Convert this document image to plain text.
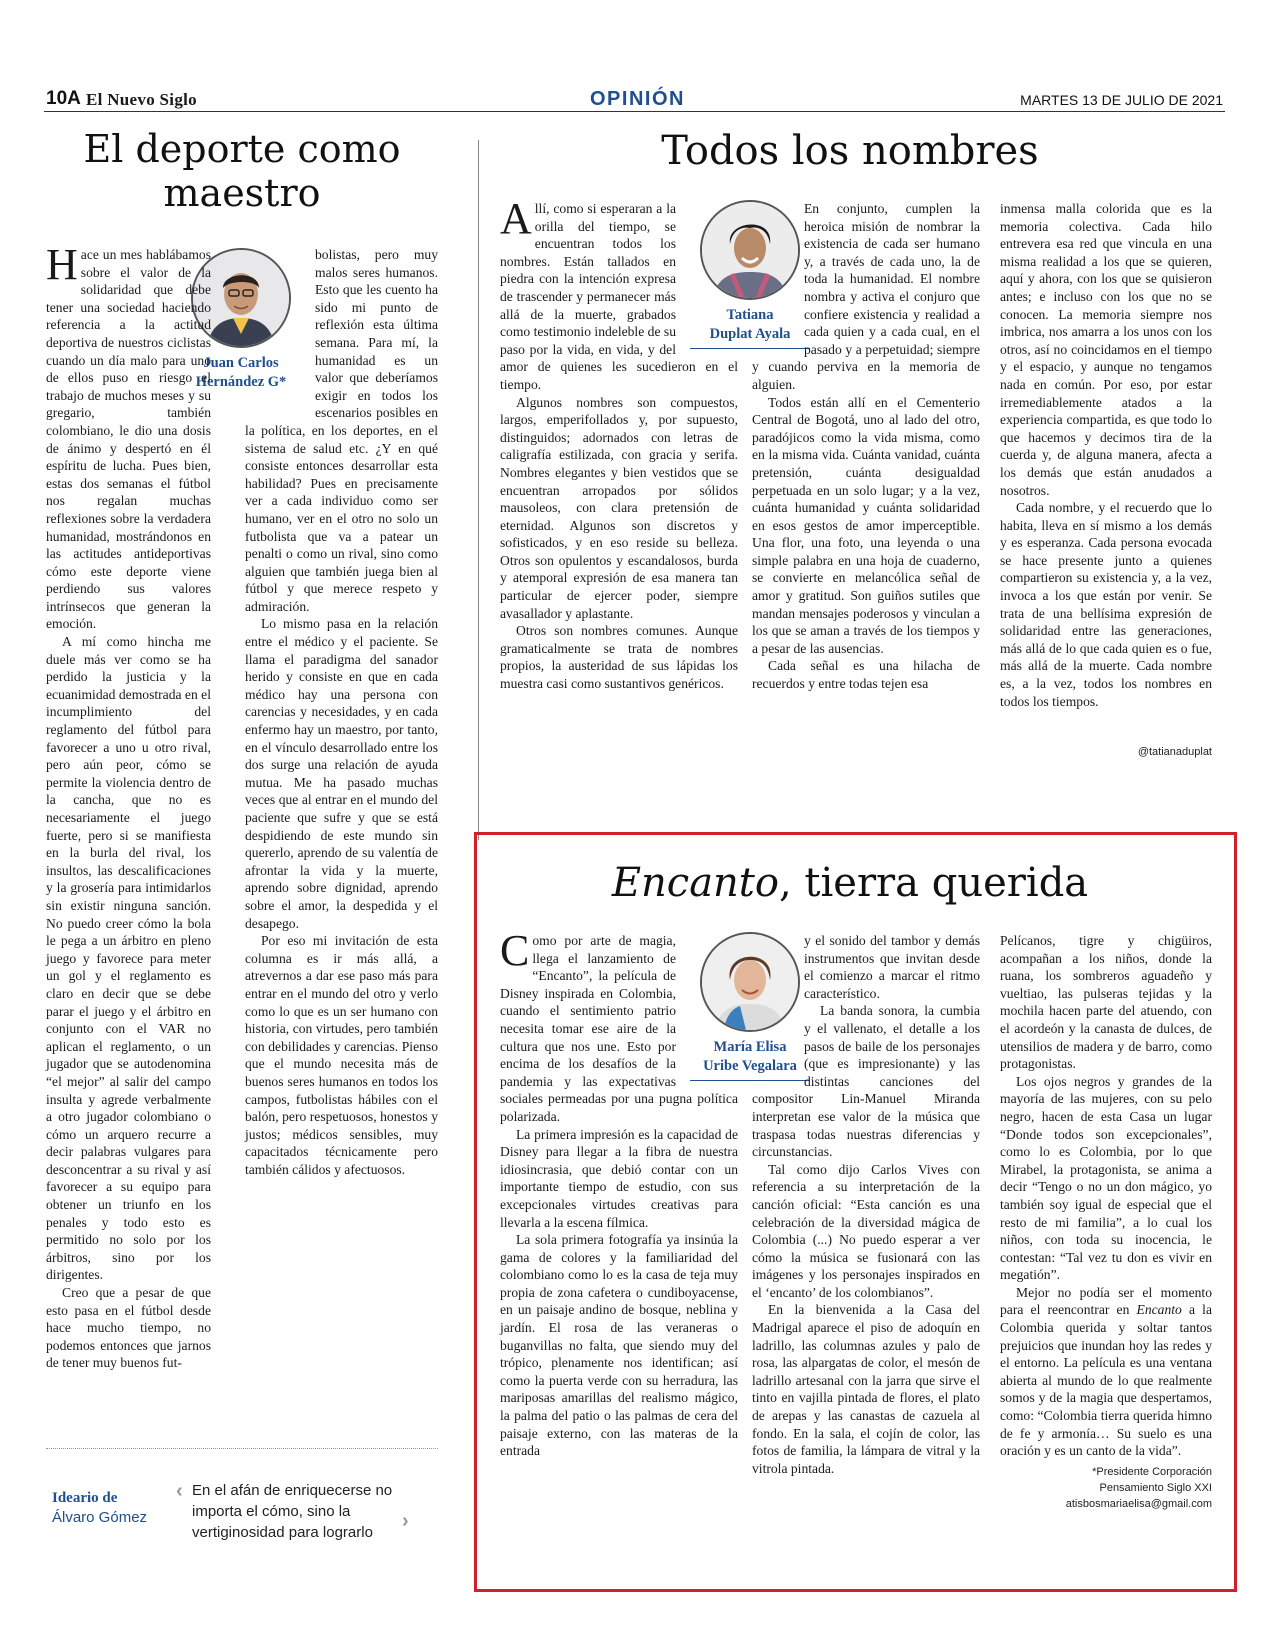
10A El Nuevo Siglo	OPINIÓN	MARTES 13 DE JULIO DE 2021
El deporte como
maestro
Juan Carlos
Hernández G*

Hace un mes hablábamos sobre el valor de la solidaridad que debe tener una sociedad haciendo referencia a la actitud deportiva de nuestros ciclistas cuando un día malo para uno de ellos puso en riesgo el trabajo de muchos meses y su gregario, también colombiano, le dio una dosis de ánimo y despertó en él espíritu de lucha. Pues bien, estas dos semanas el fútbol nos regalan muchas reflexiones sobre la verdadera humanidad, mostrándonos en las actitudes antideportivas cómo este deporte viene perdiendo sus valores intrínsecos que generan la emoción.

A mí como hincha me duele más ver como se ha perdido la justicia y la ecuanimidad demostrada en el incumplimiento del reglamento del fútbol para favorecer a uno u otro rival, pero aún peor, cómo se permite la violencia dentro de la cancha, que no es necesariamente el juego fuerte, pero si se manifiesta en la burla del rival, los insultos, las descalificaciones y la grosería para intimidarlos sin existir ninguna sanción. No puedo creer cómo la bola le pega a un árbitro en pleno juego y favorece para meter un gol y el reglamento es claro en decir que se debe parar el juego y el árbitro en conjunto con el VAR no aplican el reglamento, o un jugador que se autodenomina “el mejor” al salir del campo insulta y agrede verbalmente a otro jugador colombiano o cómo un arquero recurre a decir palabras vulgares para desconcentrar a su rival y así favorecer a su equipo para obtener un triunfo en los penales y todo esto es permitido no solo por los árbitros, sino por los dirigentes.

Creo que a pesar de que esto pasa en el fútbol desde hace mucho tiempo, no podemos entonces que jarnos de tener muy buenos fut-

bolistas, pero muy malos seres humanos. Esto que les cuento ha sido mi punto de reflexión esta última semana. Para mí, la humanidad es un valor que deberíamos exigir en todos los escenarios posibles en la política, en los deportes, en el sistema de salud etc. ¿Y en qué consiste entonces desarrollar esta habilidad? Pues en precisamente ver a cada individuo como ser humano, ver en el otro no solo un futbolista que va a patear un penalti o como un rival, sino como alguien que también juega bien al fútbol y que merece respeto y admiración.

Lo mismo pasa en la relación entre el médico y el paciente. Se llama el paradigma del sanador herido y consiste en que en cada médico hay una persona con carencias y necesidades, y en cada enfermo hay un maestro, por tanto, en el vínculo desarrollado entre los dos surge una relación de ayuda mutua. Me ha pasado muchas veces que al entrar en el mundo del paciente que sufre y que se está despidiendo de este mundo sin quererlo, aprendo de su valentía de afrontar la vida y la muerte, aprendo sobre dignidad, aprendo sobre el amor, la despedida y el desapego.

Por eso mi invitación de esta columna es ir más allá, a atrevernos a dar ese paso más para entrar en el mundo del otro y verlo como lo que es un ser humano con historia, con virtudes, pero también con debilidades y carencias. Pienso que el mundo necesita más de buenos seres humanos en todos los campos, futbolistas hábiles con el balón, pero respetuosos, honestos y justos; médicos sensibles, muy capacitados técnicamente pero también cálidos y afectuosos.

Ideario de
Álvaro Gómez
‹ En el afán de enriquecerse no importa el cómo, sino la vertiginosidad para lograrlo
›
Todos los nombres
Tatiana
Duplat Ayala

Allí, como si esperaran a la orilla del tiempo, se encuentran todos los nombres. Están tallados en piedra con la intención expresa de trascender y permanecer más allá de la muerte, grabados como testimonio indeleble de su paso por la vida, en vida, y del amor de quienes les sucedieron en el tiempo.

Algunos nombres son compuestos, largos, emperifollados y, por supuesto, distinguidos; adornados con letras de caligrafía estilizada, con gracia y serifa. Nombres elegantes y bien vestidos que se encuentran arropados por sólidos mausoleos, con clara pretensión de eternidad. Algunos son discretos y sofisticados, y en eso reside su belleza. Otros son opulentos y escandalosos, burda y atemporal expresión de esa manera tan particular de ejercer poder, siempre avasallador y aplastante.

Otros son nombres comunes. Aunque gramaticalmente se trata de nombres propios, la austeridad de sus lápidas los muestra casi como sustantivos genéricos.

En conjunto, cumplen la heroica misión de nombrar la existencia de cada ser humano y, a través de cada uno, la de toda la humanidad. El nombre nombra y activa el conjuro que confiere existencia y realidad a cada quien y a cada cual, en el pasado y a perpetuidad; siempre y cuando perviva en la memoria de alguien.

Todos están allí en el Cementerio Central de Bogotá, uno al lado del otro, paradójicos como la vida misma, como en la misma vida. Cuánta vanidad, cuánta pretensión, cuánta desigualdad perpetuada en un solo lugar; y a la vez, cuánta humanidad y cuánta solidaridad en esos gestos de amor imperceptible. Una flor, una foto, una leyenda o una simple palabra en una hoja de cuaderno, se convierte en melancólica señal de amor y gratitud. Son guiños sutiles que mandan mensajes poderosos y vinculan a los que se aman a través de los tiempos y a pesar de las ausencias.

Cada señal es una hilacha de recuerdos y entre todas tejen esa

inmensa malla colorida que es la memoria colectiva. Cada hilo entrevera esa red que vincula en una misma realidad a los que se quieren, aquí y ahora, con los que se quisieron antes; e incluso con los que no se conocen. La memoria siempre nos imbrica, nos amarra a los unos con los otros, así no coincidamos en el tiempo y el espacio, y aunque no tengamos nada en común. Por eso, por estar irremediablemente atados a la experiencia compartida, es que todo lo que hacemos y decimos tira de la cuerda y, de alguna manera, afecta a los demás que están anudados a nosotros.

Cada nombre, y el recuerdo que lo habita, lleva en sí mismo a los demás y es esperanza. Cada persona evocada se hace presente junto a quienes compartieron su existencia y, a la vez, invoca a los que están por venir. Se trata de una bellísima expresión de solidaridad entre las generaciones, más allá de lo que cada quien es o fue, más allá de la muerte. Cada nombre es, a la vez, todos los nombres en todos los tiempos.

@tatianaduplat
Encanto, tierra querida
María Elisa
Uribe Vegalara

Como por arte de magia, llega el lanzamiento de “Encanto”, la película de Disney inspirada en Colombia, cuando el sentimiento patrio necesita tomar ese aire de la cultura que nos une. Esto por encima de los desafíos de la pandemia y las expectativas sociales permeadas por una pugna política polarizada.

La primera impresión es la capacidad de Disney para llegar a la fibra de nuestra idiosincrasia, que debió contar con un importante tiempo de estudio, con sus excepcionales virtudes creativas para llevarla a la escena fílmica.

La sola primera fotografía ya insinúa la gama de colores y la familiaridad del colombiano como lo es la casa de teja muy propia de zona cafetera o cundiboyacense, en un paisaje andino de bosque, neblina y jardín. El rosa de las veraneras o buganvillas no falta, que siendo muy del trópico, plenamente nos identifican; así como la puerta verde con su herradura, las mariposas amarillas del realismo mágico, la palma del patio o las palmas de cera del paisaje externo, con las materas de la entrada

y el sonido del tambor y demás instrumentos que invitan desde el comienzo a marcar el ritmo característico.

La banda sonora, la cumbia y el vallenato, el detalle a los pasos de baile de los personajes (que es impresionante) y las distintas canciones del compositor Lin-Manuel Miranda interpretan ese valor de la música que traspasa todas nuestras diferencias y circunstancias.

Tal como dijo Carlos Vives con referencia a su interpretación de la canción oficial: “Esta canción es una celebración de la diversidad mágica de Colombia (...) No puedo esperar a ver cómo la música se fusionará con las imágenes y los personajes inspirados en el ‘encanto’ de los colombianos”.

En la bienvenida a la Casa del Madrigal aparece el piso de adoquín en ladrillo, las columnas azules y palo de rosa, las alpargatas de color, el mesón de ladrillo artesanal con la jarra que sirve el tinto en vajilla pintada de flores, el plato de arepas y las canastas de cazuela al fondo. En la sala, el cojín de color, las fotos de familia, la lámpara de vitral y la vitrola pintada.

Pelícanos, tigre y chigüiros, acompañan a los niños, donde la ruana, los sombreros aguadeño y vueltiao, las pulseras tejidas y la mochila hacen parte del atuendo, con el acordeón y la canasta de dulces, de utensilios de madera y de barro, como protagonistas.

Los ojos negros y grandes de la mayoría de las mujeres, con su pelo negro, hacen de esta Casa un lugar “Donde todos son excepcionales”, como lo es Colombia, por lo que Mirabel, la protagonista, se anima a decir “Tengo o no un don mágico, yo también soy igual de especial que el resto de mi familia”, a lo cual los niños, con toda su inocencia, le contestan: “Tal vez tu don es vivir en megatión”.

Mejor no podía ser el momento para el reencontrar en Encanto a la Colombia querida y soltar tantos prejuicios que inundan hoy las redes y el entorno. La película es una ventana abierta al mundo de lo que realmente somos y de la magia que despertamos, como: “Colombia tierra querida himno de fe y armonía… Su suelo es una oración y es un canto de la vida”.

*Presidente Corporación
Pensamiento Siglo XXI
atisbosmariaelisa@gmail.com
